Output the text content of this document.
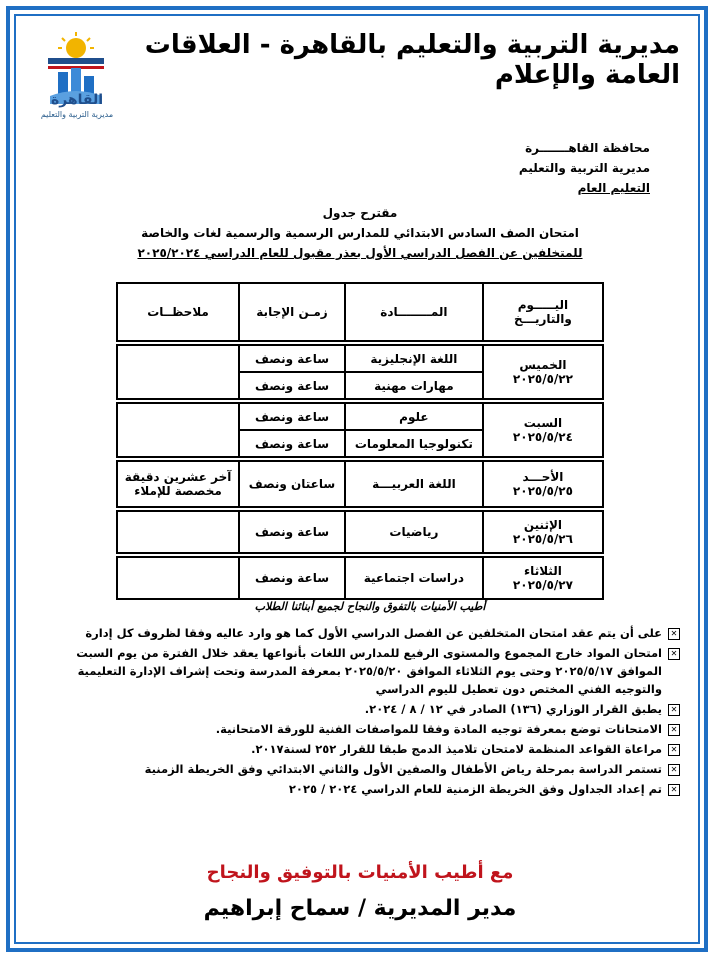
مديرية التربية والتعليم بالقاهرة - العلاقات العامة والإعلام
القاهرة
مديرية التربية والتعليم
محافظة القاهـــــــرة
مديرية التربية والتعليم
التعليم العام
مقترح جدول
امتحان الصف السادس الابتدائي للمدارس الرسمية والرسمية لغات والخاصة
للمتخلفين عن الفصل الدراسي الأول بعذر مقبول للعام الدراسي ٢٠٢٥/٢٠٢٤
اليـــــوم
والتاريـــخ	المــــــــادة	زمـن الإجابة	ملاحظــات

الخميس
٢٠٢٥/٥/٢٢	اللغة الإنجليزية	ساعة ونصف	
	مهارات مهنية	ساعة ونصف	

السبت
٢٠٢٥/٥/٢٤	علوم	ساعة ونصف	
	تكنولوجيا المعلومات	ساعة ونصف	

الأحـــد
٢٠٢٥/٥/٢٥	اللغة العربيـــة	ساعتان ونصف	آخر عشرين دقيقة مخصصة للإملاء

الإثنين
٢٠٢٥/٥/٢٦	رياضيات	ساعة ونصف	

الثلاثاء
٢٠٢٥/٥/٢٧	دراسات اجتماعية	ساعة ونصف	
أطيب الأمنيات بالتفوق والنجاح لجميع أبنائنا الطلاب
✕
على أن يتم عقد امتحان المتخلفين عن الفصل الدراسي الأول كما هو وارد عاليه وفقا لظروف كل إدارة
✕
امتحان المواد خارج المجموع والمستوى الرفيع للمدارس اللغات بأنواعها يعقد خلال الفترة من يوم السبت الموافق ٢٠٢٥/٥/١٧ وحتى يوم الثلاثاء الموافق ٢٠٢٥/٥/٢٠ بمعرفة المدرسة وتحت إشراف الإدارة التعليمية والتوجيه الفني المختص دون تعطيل لليوم الدراسي
✕
يطبق القرار الوزاري (١٣٦) الصادر في ١٢ / ٨ / ٢٠٢٤.
✕
الامتحانات توضع بمعرفة توجيه المادة وفقا للمواصفات الفنية للورقة الامتحانية.
✕
مراعاة القواعد المنظمة لامتحان تلاميذ الدمج طبقا للقرار ٢٥٢ لسنة٢٠١٧.
✕
تستمر الدراسة بمرحلة رياض الأطفال والصفين الأول والثاني الابتدائي وفق الخريطة الزمنية
✕
تم إعداد الجداول وفق الخريطة الزمنية للعام الدراسي ٢٠٢٤ / ٢٠٢٥
مع أطيب الأمنيات بالتوفيق والنجاح
مدير المديرية / سماح إبراهيم
